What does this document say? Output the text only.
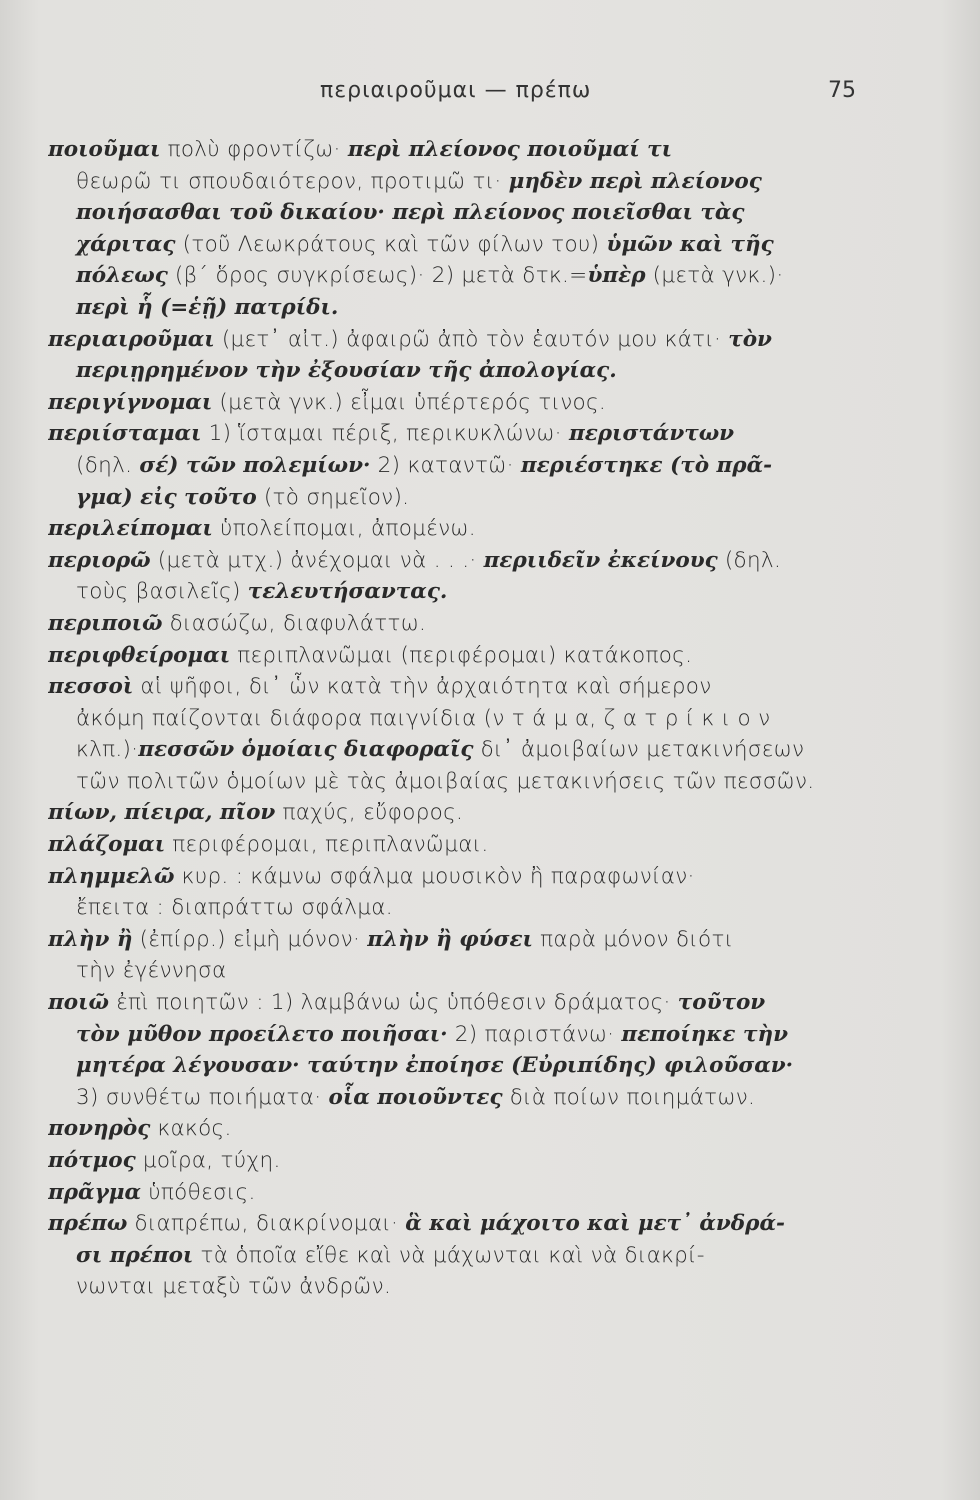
περιαιροῦμαι — πρέπω	75
ποιοῦμαι πολὺ φροντίζω· περὶ πλείονος ποιοῦμαί τι
θεωρῶ τι σπουδαιότερον, προτιμῶ τι· μηδὲν περὶ πλείονος
ποιήσασθαι τοῦ δικαίου· περὶ πλείονος ποιεῖσθαι τὰς
χάριτας (τοῦ Λεωκράτους καὶ τῶν φίλων του) ὑμῶν καὶ τῆς
πόλεως (β΄ ὅρος συγκρίσεως)· 2) μετὰ δτκ.=ὑπὲρ (μετὰ γνκ.)·
περὶ ἧ (=ἑῇ) πατρίδι.
περιαιροῦμαι (μετ᾽ αἰτ.) ἀφαιρῶ ἀπὸ τὸν ἑαυτόν μου κάτι· τὸν
περιῃρημένον τὴν ἐξουσίαν τῆς ἀπολογίας.
περιγίγνομαι (μετὰ γνκ.) εἶμαι ὑπέρτερός τινος.
περιίσταμαι 1) ἵσταμαι πέριξ, περικυκλώνω· περιστάντων
(δηλ. σέ) τῶν πολεμίων· 2) καταντῶ· περιέστηκε (τὸ πρᾶ-
γμα) εἰς τοῦτο (τὸ σημεῖον).
περιλείπομαι ὑπολείπομαι, ἀπομένω.
περιορῶ (μετὰ μτχ.) ἀνέχομαι νὰ . . .· περιιδεῖν ἐκείνους (δηλ.
τοὺς βασιλεῖς) τελευτήσαντας.
περιποιῶ διασώζω, διαφυλάττω.
περιφθείρομαι περιπλανῶμαι (περιφέρομαι) κατάκοπος.
πεσσοὶ αἱ ψῆφοι, δι᾽ ὧν κατὰ τὴν ἀρχαιότητα καὶ σήμερον
ἀκόμη παίζονται διάφορα παιγνίδια (ν τ ά μ α, ζ α τ ρ ί κ ι ο ν
κλπ.)·πεσσῶν ὁμοίαις διαφοραῖς δι᾽ ἀμοιβαίων μετακινήσεων
τῶν πολιτῶν ὁμοίων μὲ τὰς ἀμοιβαίας μετακινήσεις τῶν πεσσῶν.
πίων, πίειρα, πῖον παχύς, εὔφορος.
πλάζομαι περιφέρομαι, περιπλανῶμαι.
πλημμελῶ κυρ. : κάμνω σφάλμα μουσικὸν ἢ παραφωνίαν·
ἔπειτα : διαπράττω σφάλμα.
πλὴν ἢ (ἐπίρρ.) εἰμὴ μόνον· πλὴν ἢ φύσει παρὰ μόνον διότι
τὴν ἐγέννησα
ποιῶ ἐπὶ ποιητῶν : 1) λαμβάνω ὡς ὑπόθεσιν δράματος· τοῦτον
τὸν μῦθον προείλετο ποιῆσαι· 2) παριστάνω· πεποίηκε τὴν
μητέρα λέγουσαν· ταύτην ἐποίησε (Εὐριπίδης) φιλοῦσαν·
3) συνθέτω ποιήματα· οἷα ποιοῦντες διὰ ποίων ποιημάτων.
πονηρὸς κακός.
πότμος μοῖρα, τύχη.
πρᾶγμα ὑπόθεσις.
πρέπω διαπρέπω, διακρίνομαι· ἃ καὶ μάχοιτο καὶ μετ᾽ ἀνδρά-
σι πρέποι τὰ ὁποῖα εἴθε καὶ νὰ μάχωνται καὶ νὰ διακρί-
νωνται μεταξὺ τῶν ἀνδρῶν.
